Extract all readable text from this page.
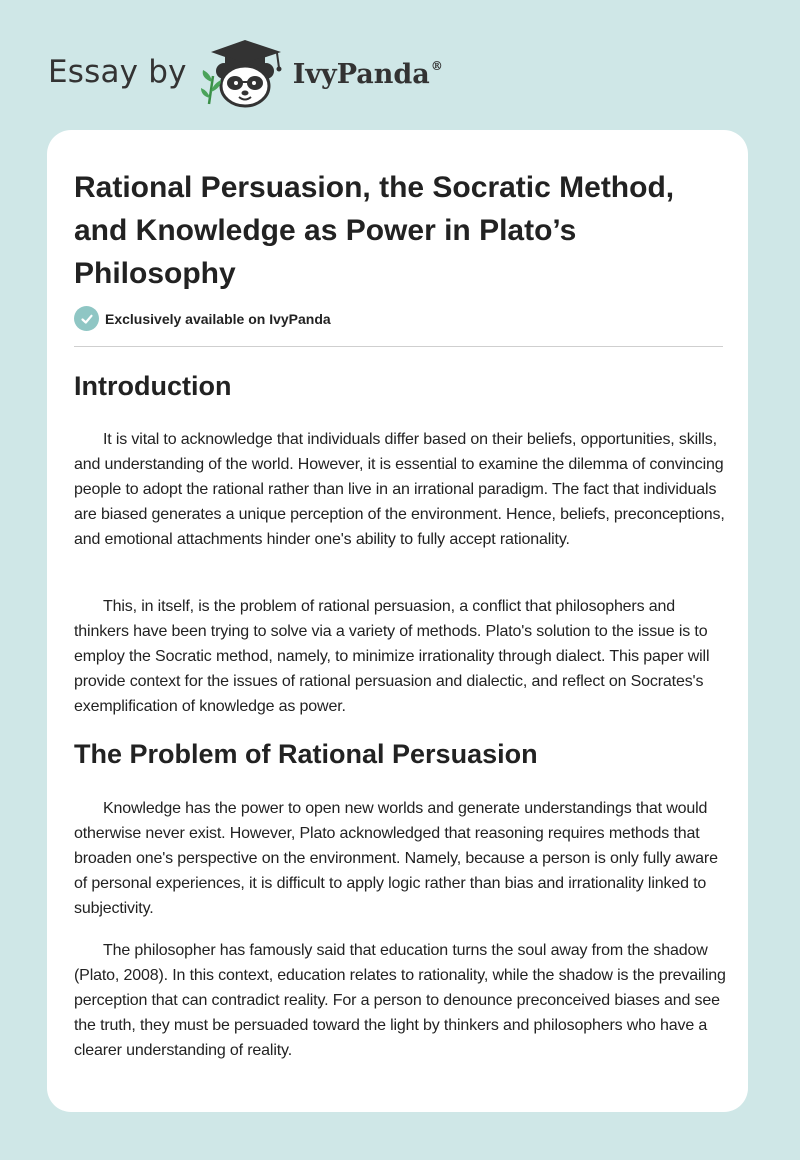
Essay by	IvyPanda®
Rational Persuasion, the Socratic Method, and Knowledge as Power in Plato’s Philosophy
Exclusively available on IvyPanda
Introduction

It is vital to acknowledge that individuals differ based on their beliefs, opportunities, skills, and understanding of the world. However, it is essential to examine the dilemma of convincing people to adopt the rational rather than live in an irrational paradigm. The fact that individuals are biased generates a unique perception of the environment. Hence, beliefs, preconceptions, and emotional attachments hinder one's ability to fully accept rationality.

This, in itself, is the problem of rational persuasion, a conflict that philosophers and thinkers have been trying to solve via a variety of methods. Plato's solution to the issue is to employ the Socratic method, namely, to minimize irrationality through dialect. This paper will provide context for the issues of rational persuasion and dialectic, and reflect on Socrates's exemplification of knowledge as power.

The Problem of Rational Persuasion

Knowledge has the power to open new worlds and generate understandings that would otherwise never exist. However, Plato acknowledged that reasoning requires methods that broaden one's perspective on the environment. Namely, because a person is only fully aware of personal experiences, it is difficult to apply logic rather than bias and irrationality linked to subjectivity.

The philosopher has famously said that education turns the soul away from the shadow (Plato, 2008). In this context, education relates to rationality, while the shadow is the prevailing perception that can contradict reality. For a person to denounce preconceived biases and see the truth, they must be persuaded toward the light by thinkers and philosophers who have a clearer understanding of reality.
